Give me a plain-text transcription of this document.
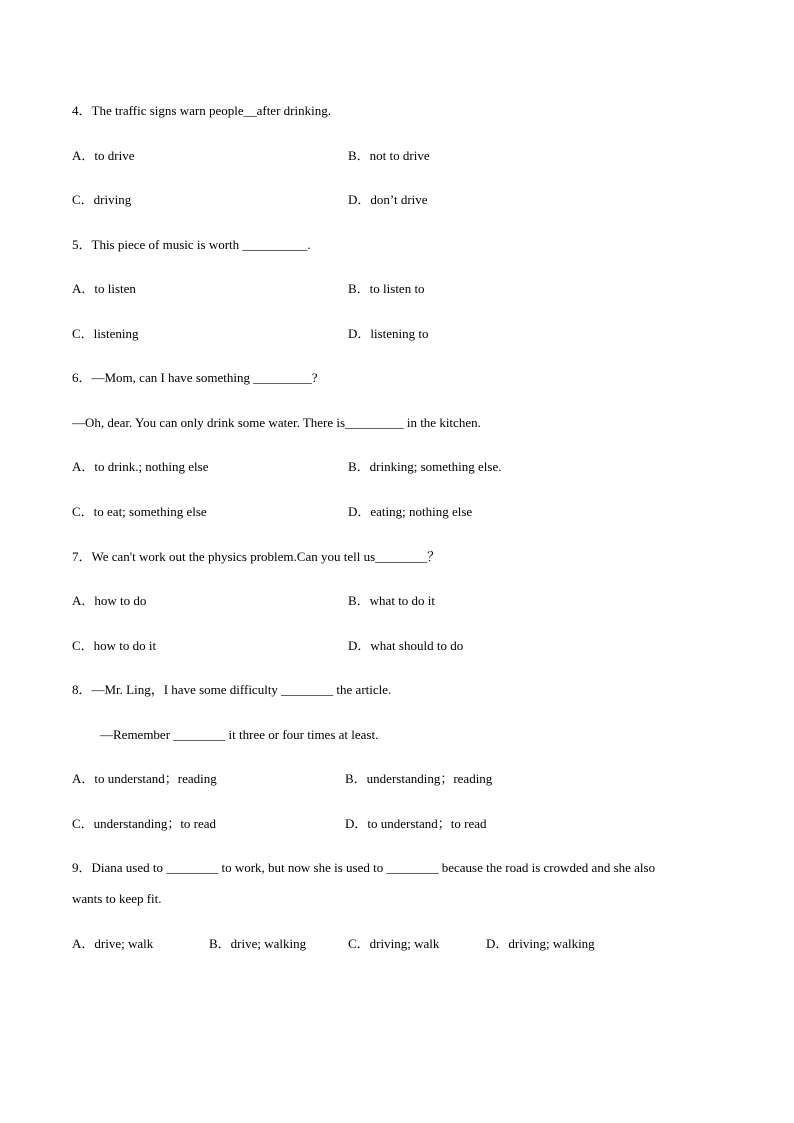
4．The traffic signs warn people__after drinking.
A．to drive	B．not to drive
C．driving	D．don’t drive
5．This piece of music is worth __________.
A．to listen	B．to listen to
C．listening	D．listening to
6．—Mom, can I have something _________?
—Oh, dear. You can only drink some water. There is_________ in the kitchen.
A．to drink.; nothing else	B．drinking; something else.
C．to eat; something else	D．eating; nothing else
7．We can't work out the physics problem.Can you tell us________？
A．how to do	B．what to do it
C．how to do it	D．what should to do
8．—Mr. Ling，I have some difficulty ________ the article.
—Remember ________ it three or four times at least.
A．to understand；reading	B．understanding；reading
C．understanding；to read	D．to understand；to read
9．Diana used to ________ to work, but now she is used to ________ because the road is crowded and she also
wants to keep fit.
A．drive; walk	B．drive; walking	C．driving; walk	D．driving; walking
